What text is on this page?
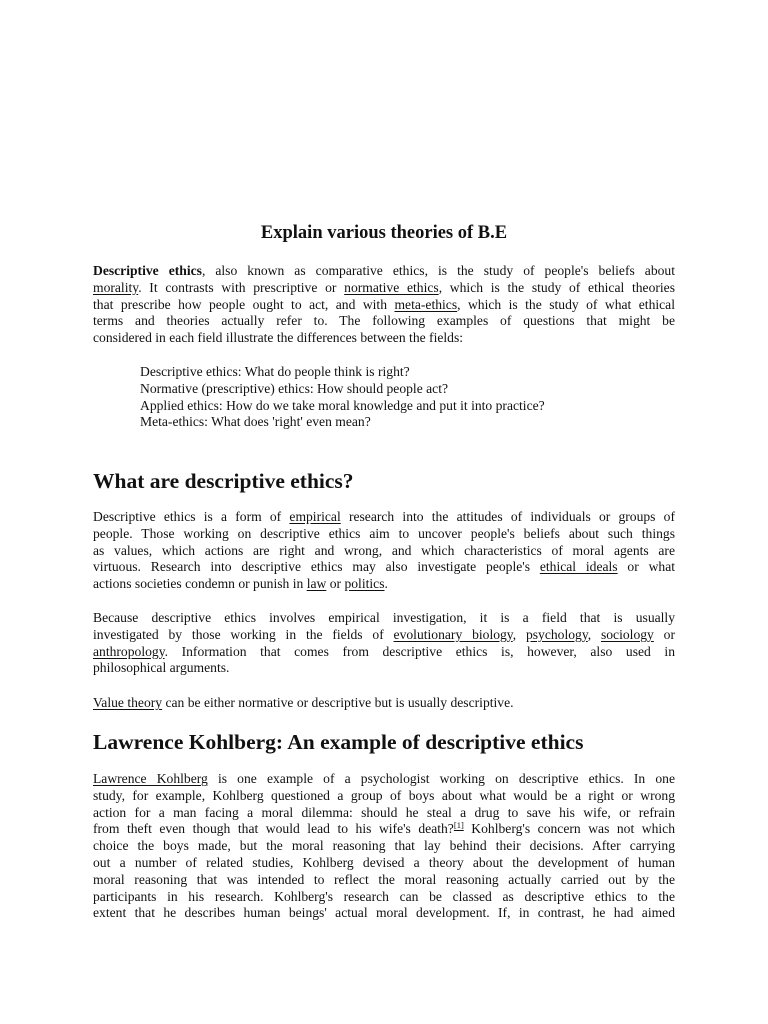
Explain various theories of B.E

Descriptive ethics, also known as comparative ethics, is the study of people's beliefs about
morality. It contrasts with prescriptive or normative ethics, which is the study of ethical theories
that prescribe how people ought to act, and with meta-ethics, which is the study of what ethical
terms and theories actually refer to. The following examples of questions that might be
considered in each field illustrate the differences between the fields:

Descriptive ethics: What do people think is right?
Normative (prescriptive) ethics: How should people act?
Applied ethics: How do we take moral knowledge and put it into practice?
Meta-ethics: What does 'right' even mean?
What are descriptive ethics?

Descriptive ethics is a form of empirical research into the attitudes of individuals or groups of
people. Those working on descriptive ethics aim to uncover people's beliefs about such things
as values, which actions are right and wrong, and which characteristics of moral agents are
virtuous. Research into descriptive ethics may also investigate people's ethical ideals or what
actions societies condemn or punish in law or politics.

Because descriptive ethics involves empirical investigation, it is a field that is usually
investigated by those working in the fields of evolutionary biology, psychology, sociology or
anthropology. Information that comes from descriptive ethics is, however, also used in
philosophical arguments.

Value theory can be either normative or descriptive but is usually descriptive.

Lawrence Kohlberg: An example of descriptive ethics

Lawrence Kohlberg is one example of a psychologist working on descriptive ethics. In one
study, for example, Kohlberg questioned a group of boys about what would be a right or wrong
action for a man facing a moral dilemma: should he steal a drug to save his wife, or refrain
from theft even though that would lead to his wife's death?[1] Kohlberg's concern was not which
choice the boys made, but the moral reasoning that lay behind their decisions. After carrying
out a number of related studies, Kohlberg devised a theory about the development of human
moral reasoning that was intended to reflect the moral reasoning actually carried out by the
participants in his research. Kohlberg's research can be classed as descriptive ethics to the
extent that he describes human beings' actual moral development. If, in contrast, he had aimed
